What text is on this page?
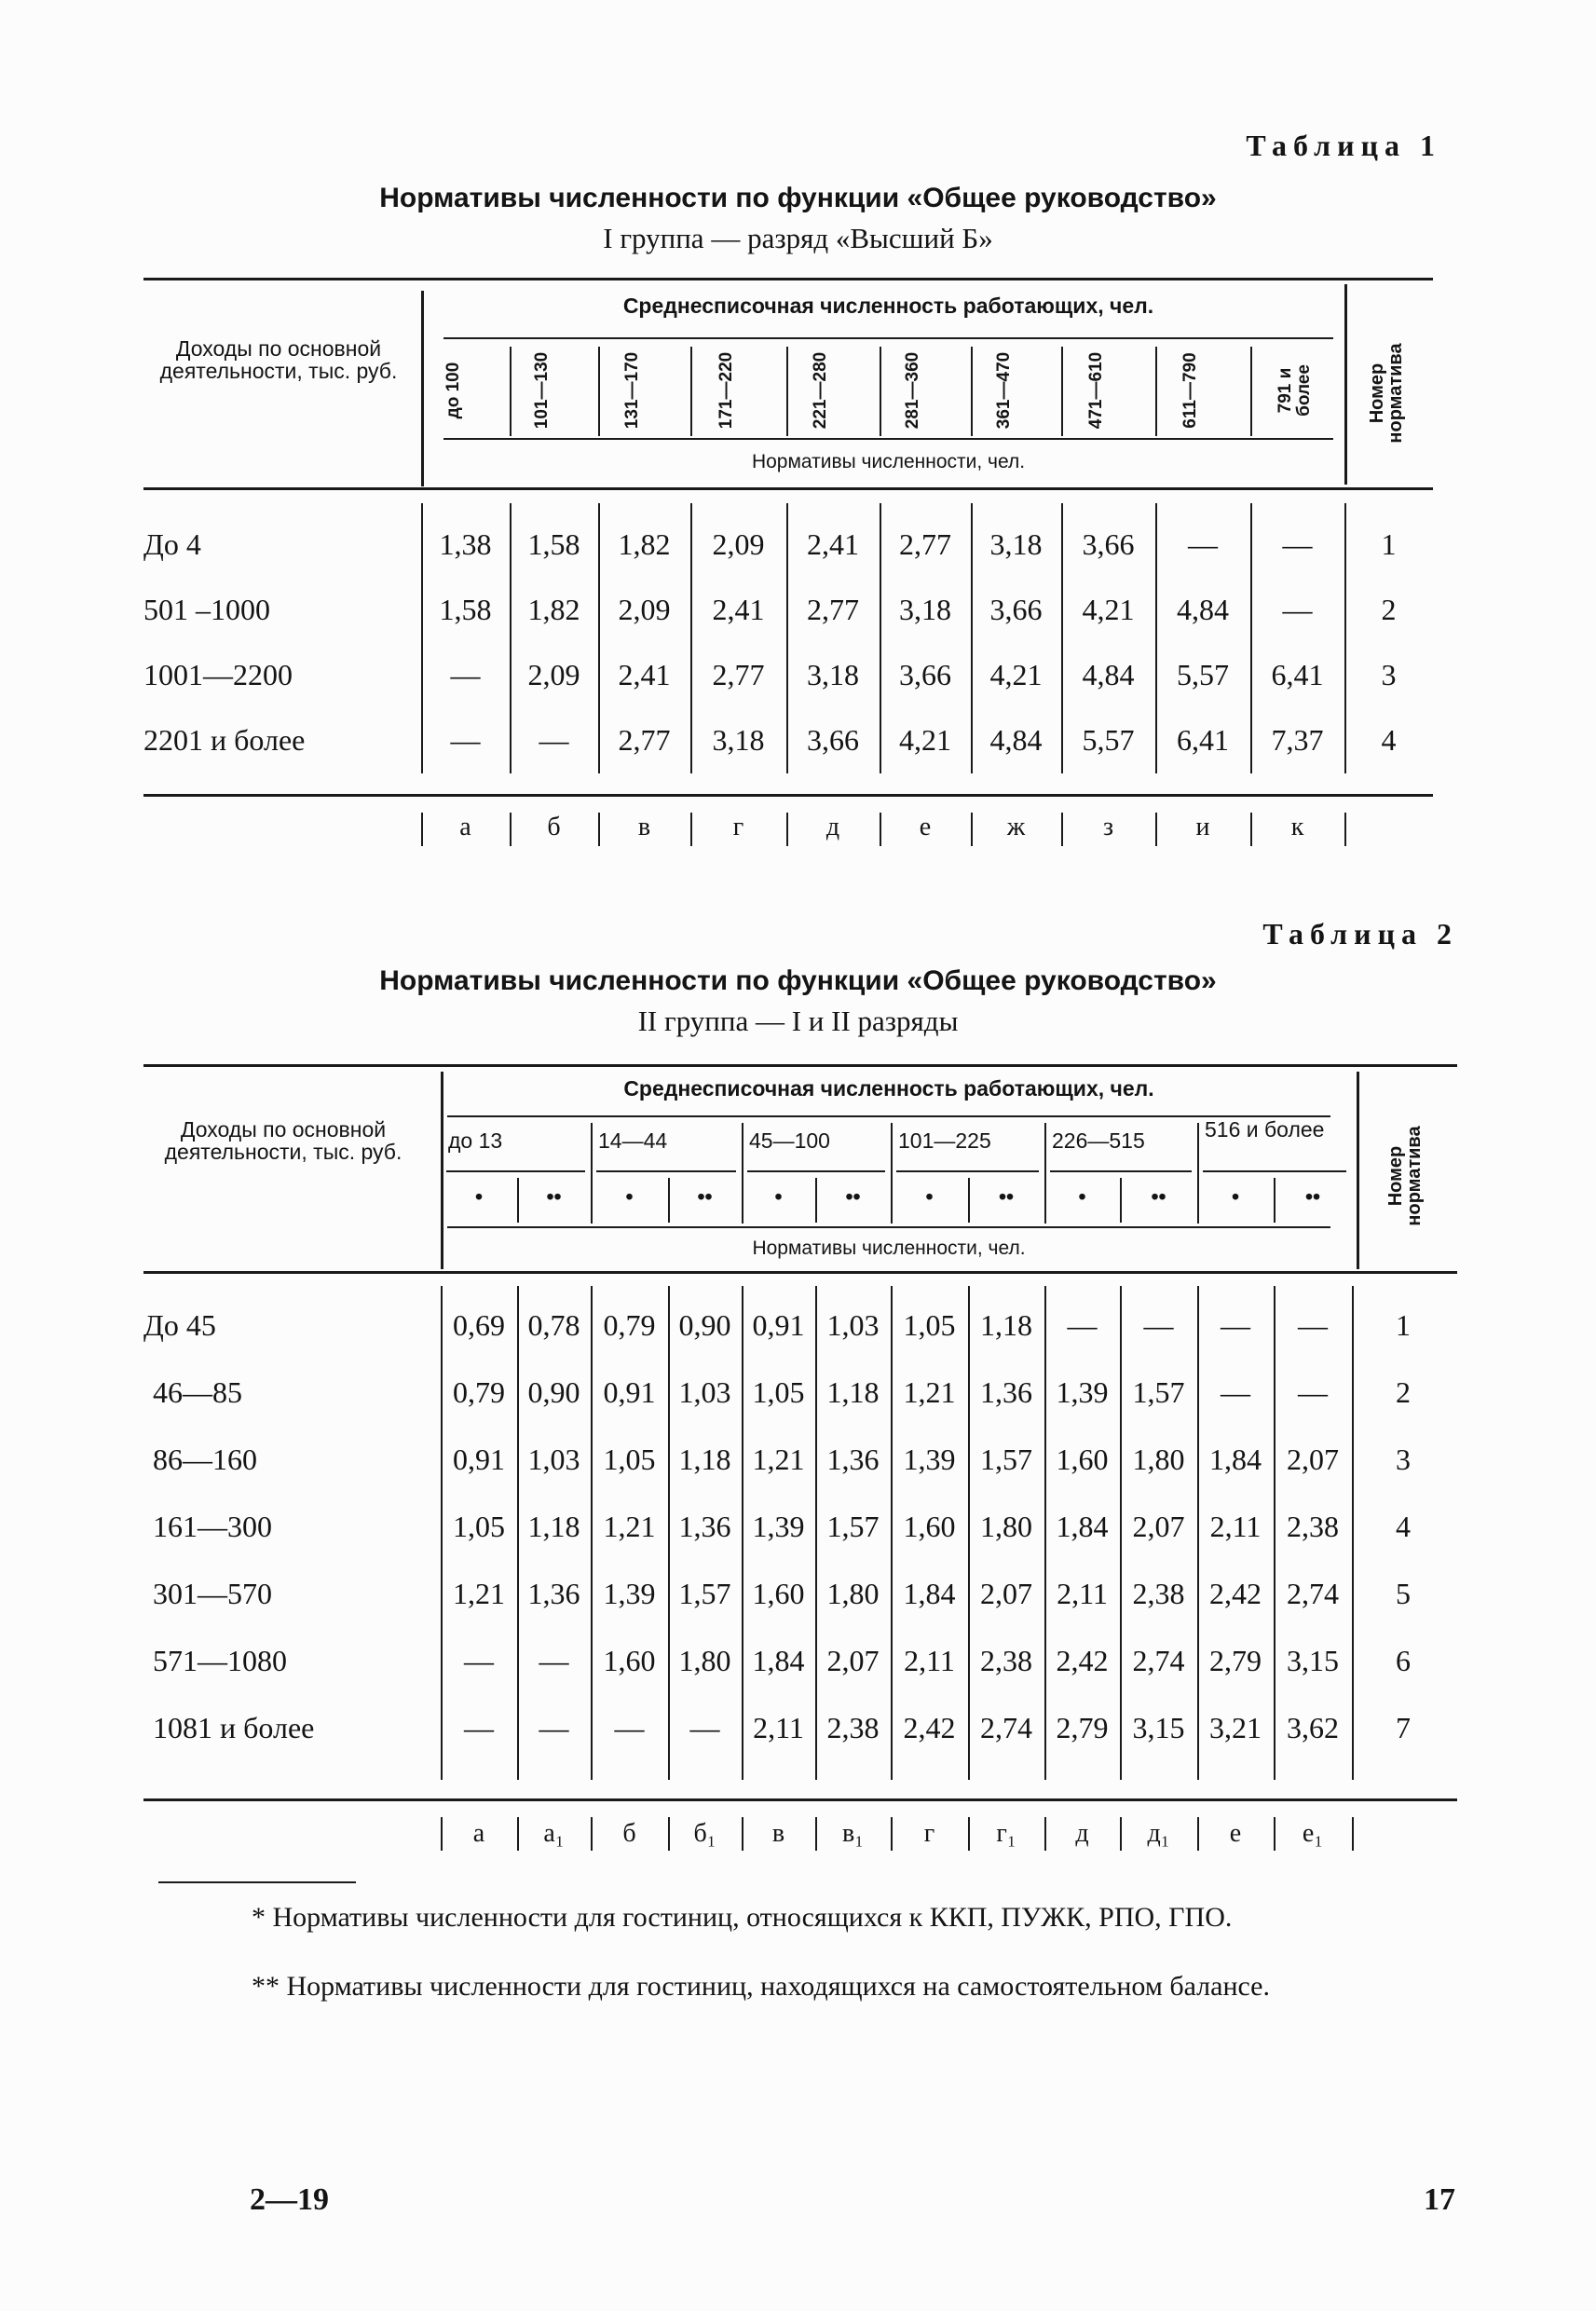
Таблица 1
Нормативы численности по функции «Общее руководство»
I группа — разряд «Высший Б»
Доходы по основной деятельности, тыс. руб.
Среднесписочная численность работающих, чел.
Нормативы численности, чел.
Номер норматива
до 100	101—130	131—170	171—220	221—280	281—360	361—470	471—610	611—790	791 и более
До 4	1,38	1,58	1,82	2,09	2,41	2,77	3,18	3,66	—	—	1
501 –1000	1,58	1,82	2,09	2,41	2,77	3,18	3,66	4,21	4,84	—	2
1001—2200	—	2,09	2,41	2,77	3,18	3,66	4,21	4,84	5,57	6,41	3
2201 и более	—	—	2,77	3,18	3,66	4,21	4,84	5,57	6,41	7,37	4
а	б	в	г	д	е	ж	з	и	к
Таблица 2
Нормативы численности по функции «Общее руководство»
II группа — I и II разряды
Доходы по основной деятельности, тыс. руб.
Среднесписочная численность работающих, чел.
Нормативы численности, чел.
Номер норматива
до 13
•	••
14—44
•	••
45—100
•	••
101—225
•	••
226—515
•	••
516 и более
•	••
До 45	0,69 0,78 0,79 0,90 0,91 1,03 1,05 1,18	—	—	—	—	1
46—85	0,79 0,90 0,91 1,03 1,05 1,18 1,21 1,36 1,39 1,57	—	—	2
86—160	0,91 1,03 1,05 1,18 1,21 1,36 1,39 1,57 1,60 1,80 1,84 2,07	3
161—300	1,05 1,18 1,21 1,36 1,39 1,57 1,60 1,80 1,84 2,07 2,11 2,38	4
301—570	1,21 1,36 1,39 1,57 1,60 1,80 1,84 2,07 2,11 2,38 2,42 2,74	5
571—1080	—	—	1,60 1,80 1,84 2,07 2,11 2,38 2,42 2,74 2,79 3,15	6
1081 и более	—	—	—	—	2,11 2,38 2,42 2,74 2,79 3,15 3,21 3,62	7
а	а₁	б	б₁	в	в₁	г	г₁	д	д₁	е	е₁
* Нормативы численности для гостиниц, относящихся к ККП, ПУЖК, РПО, ГПО.
** Нормативы численности для гостиниц, находящихся на самостоятельном балансе.
2—19	17
